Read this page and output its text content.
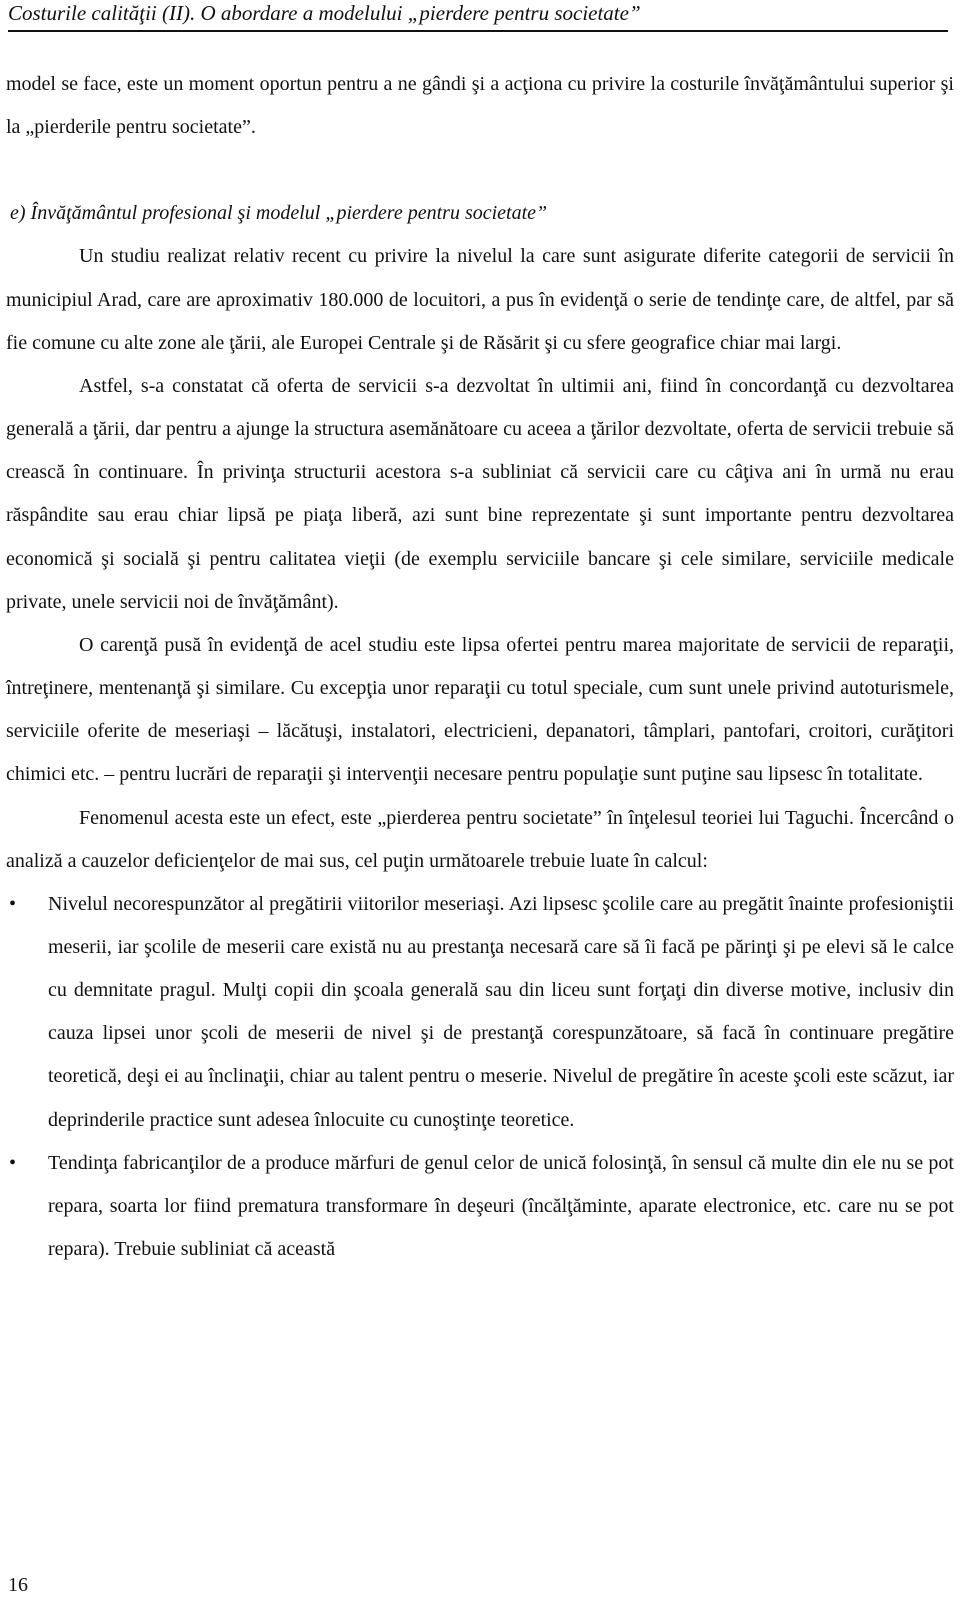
Costurile calităţii (II). O abordare a modelului „pierdere pentru societate”

model se face, este un moment oportun pentru a ne gândi şi a acţiona cu privire la costurile învăţământului superior şi la „pierderile pentru societate”.

e) Învăţământul profesional şi modelul „pierdere pentru societate”

Un studiu realizat relativ recent cu privire la nivelul la care sunt asigurate diferite categorii de servicii în municipiul Arad, care are aproximativ 180.000 de locuitori, a pus în evidenţă o serie de tendinţe care, de altfel, par să fie comune cu alte zone ale ţării, ale Europei Centrale şi de Răsărit şi cu sfere geografice chiar mai largi.

Astfel, s-a constatat că oferta de servicii s-a dezvoltat în ultimii ani, fiind în concordanţă cu dezvoltarea generală a ţării, dar pentru a ajunge la structura asemănătoare cu aceea a ţărilor dezvoltate, oferta de servicii trebuie să crească în continuare. În privinţa structurii acestora s-a subliniat că servicii care cu câţiva ani în urmă nu erau răspândite sau erau chiar lipsă pe piaţa liberă, azi sunt bine reprezentate şi sunt importante pentru dezvoltarea economică şi socială şi pentru calitatea vieţii (de exemplu serviciile bancare şi cele similare, serviciile medicale private, unele servicii noi de învăţământ).

O carenţă pusă în evidenţă de acel studiu este lipsa ofertei pentru marea majoritate de servicii de reparaţii, întreţinere, mentenanţă şi similare. Cu excepţia unor reparaţii cu totul speciale, cum sunt unele privind autoturismele, serviciile oferite de meseriaşi – lăcătuşi, instalatori, electricieni, depanatori, tâmplari, pantofari, croitori, curăţitori chimici etc. – pentru lucrări de reparaţii şi intervenţii necesare pentru populaţie sunt puţine sau lipsesc în totalitate.

Fenomenul acesta este un efect, este „pierderea pentru societate” în înţelesul teoriei lui Taguchi. Încercând o analiză a cauzelor deficienţelor de mai sus, cel puţin următoarele trebuie luate în calcul:

• Nivelul necorespunzător al pregătirii viitorilor meseriaşi. Azi lipsesc şcolile care au pregătit înainte profesioniştii meserii, iar şcolile de meserii care există nu au prestanţa necesară care să îi facă pe părinţi şi pe elevi să le calce cu demnitate pragul. Mulţi copii din şcoala generală sau din liceu sunt forţaţi din diverse motive, inclusiv din cauza lipsei unor şcoli de meserii de nivel şi de prestanţă corespunzătoare, să facă în continuare pregătire teoretică, deşi ei au înclinaţii, chiar au talent pentru o meserie. Nivelul de pregătire în aceste şcoli este scăzut, iar deprinderile practice sunt adesea înlocuite cu cunoştinţe teoretice.
• Tendinţa fabricanţilor de a produce mărfuri de genul celor de unică folosinţă, în sensul că multe din ele nu se pot repara, soarta lor fiind prematura transformare în deşeuri (încălţăminte, aparate electronice, etc. care nu se pot repara). Trebuie subliniat că această
16
